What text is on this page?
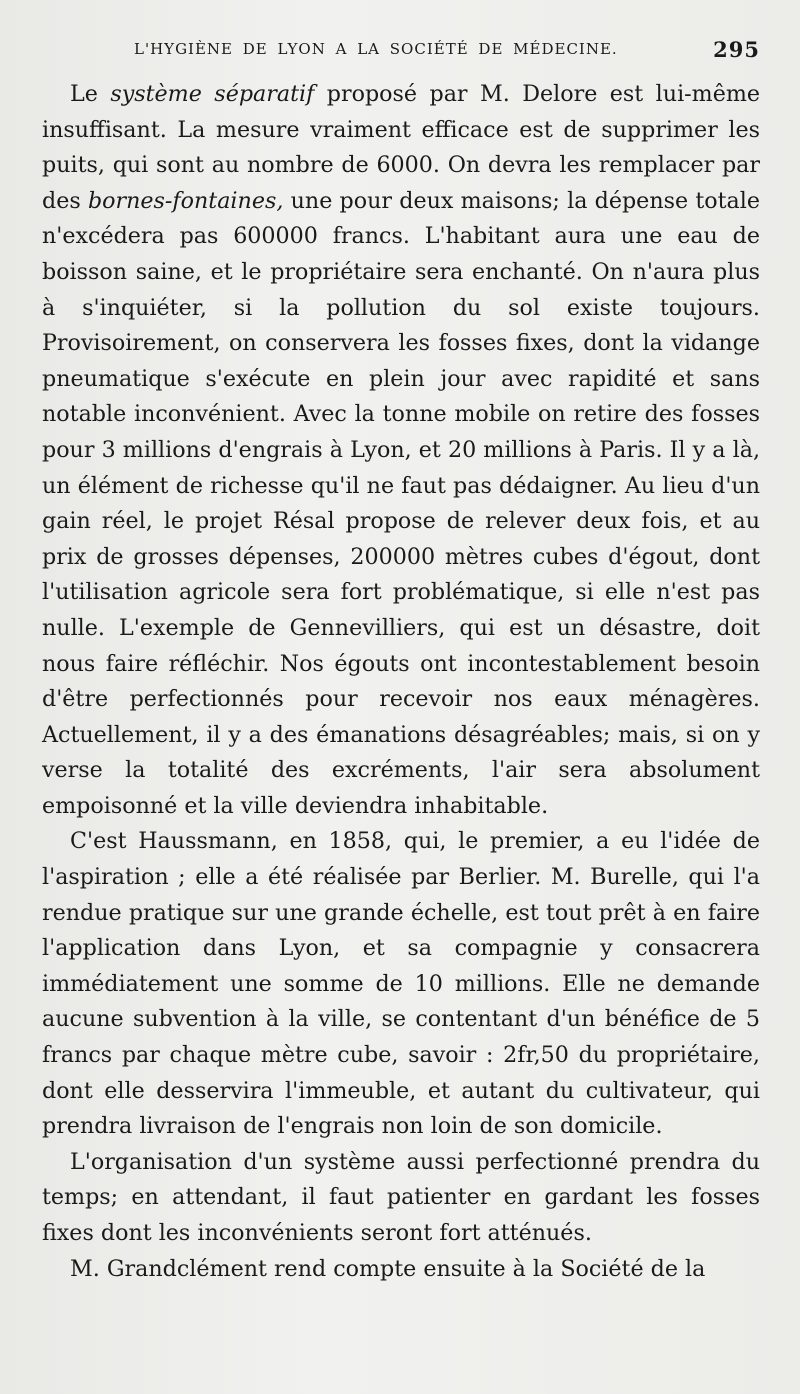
L'HYGIÈNE DE LYON A LA SOCIÉTÉ DE MÉDECINE.	295

Le système séparatif proposé par M. Delore est lui-même insuffisant. La mesure vraiment efficace est de supprimer les puits, qui sont au nombre de 6000. On devra les remplacer par des bornes-fontaines, une pour deux maisons; la dépense totale n'excédera pas 600000 francs. L'habitant aura une eau de boisson saine, et le propriétaire sera enchanté. On n'aura plus à s'inquiéter, si la pollution du sol existe toujours. Provisoirement, on conservera les fosses fixes, dont la vidange pneumatique s'exécute en plein jour avec rapidité et sans notable inconvénient. Avec la tonne mobile on retire des fosses pour 3 millions d'engrais à Lyon, et 20 millions à Paris. Il y a là, un élément de richesse qu'il ne faut pas dédaigner. Au lieu d'un gain réel, le projet Résal propose de relever deux fois, et au prix de grosses dépenses, 200000 mètres cubes d'égout, dont l'utilisation agricole sera fort problématique, si elle n'est pas nulle. L'exemple de Gennevilliers, qui est un désastre, doit nous faire réfléchir. Nos égouts ont incontestablement besoin d'être perfectionnés pour recevoir nos eaux ménagères. Actuellement, il y a des émanations désagréables; mais, si on y verse la totalité des excréments, l'air sera absolument empoisonné et la ville deviendra inhabitable.

C'est Haussmann, en 1858, qui, le premier, a eu l'idée de l'aspiration ; elle a été réalisée par Berlier. M. Burelle, qui l'a rendue pratique sur une grande échelle, est tout prêt à en faire l'application dans Lyon, et sa compagnie y consacrera immédiatement une somme de 10 millions. Elle ne demande aucune subvention à la ville, se contentant d'un bénéfice de 5 francs par chaque mètre cube, savoir : 2fr,50 du propriétaire, dont elle desservira l'immeuble, et autant du cultivateur, qui prendra livraison de l'engrais non loin de son domicile.

L'organisation d'un système aussi perfectionné prendra du temps; en attendant, il faut patienter en gardant les fosses fixes dont les inconvénients seront fort atténués.

M. Grandclément rend compte ensuite à la Société de la
